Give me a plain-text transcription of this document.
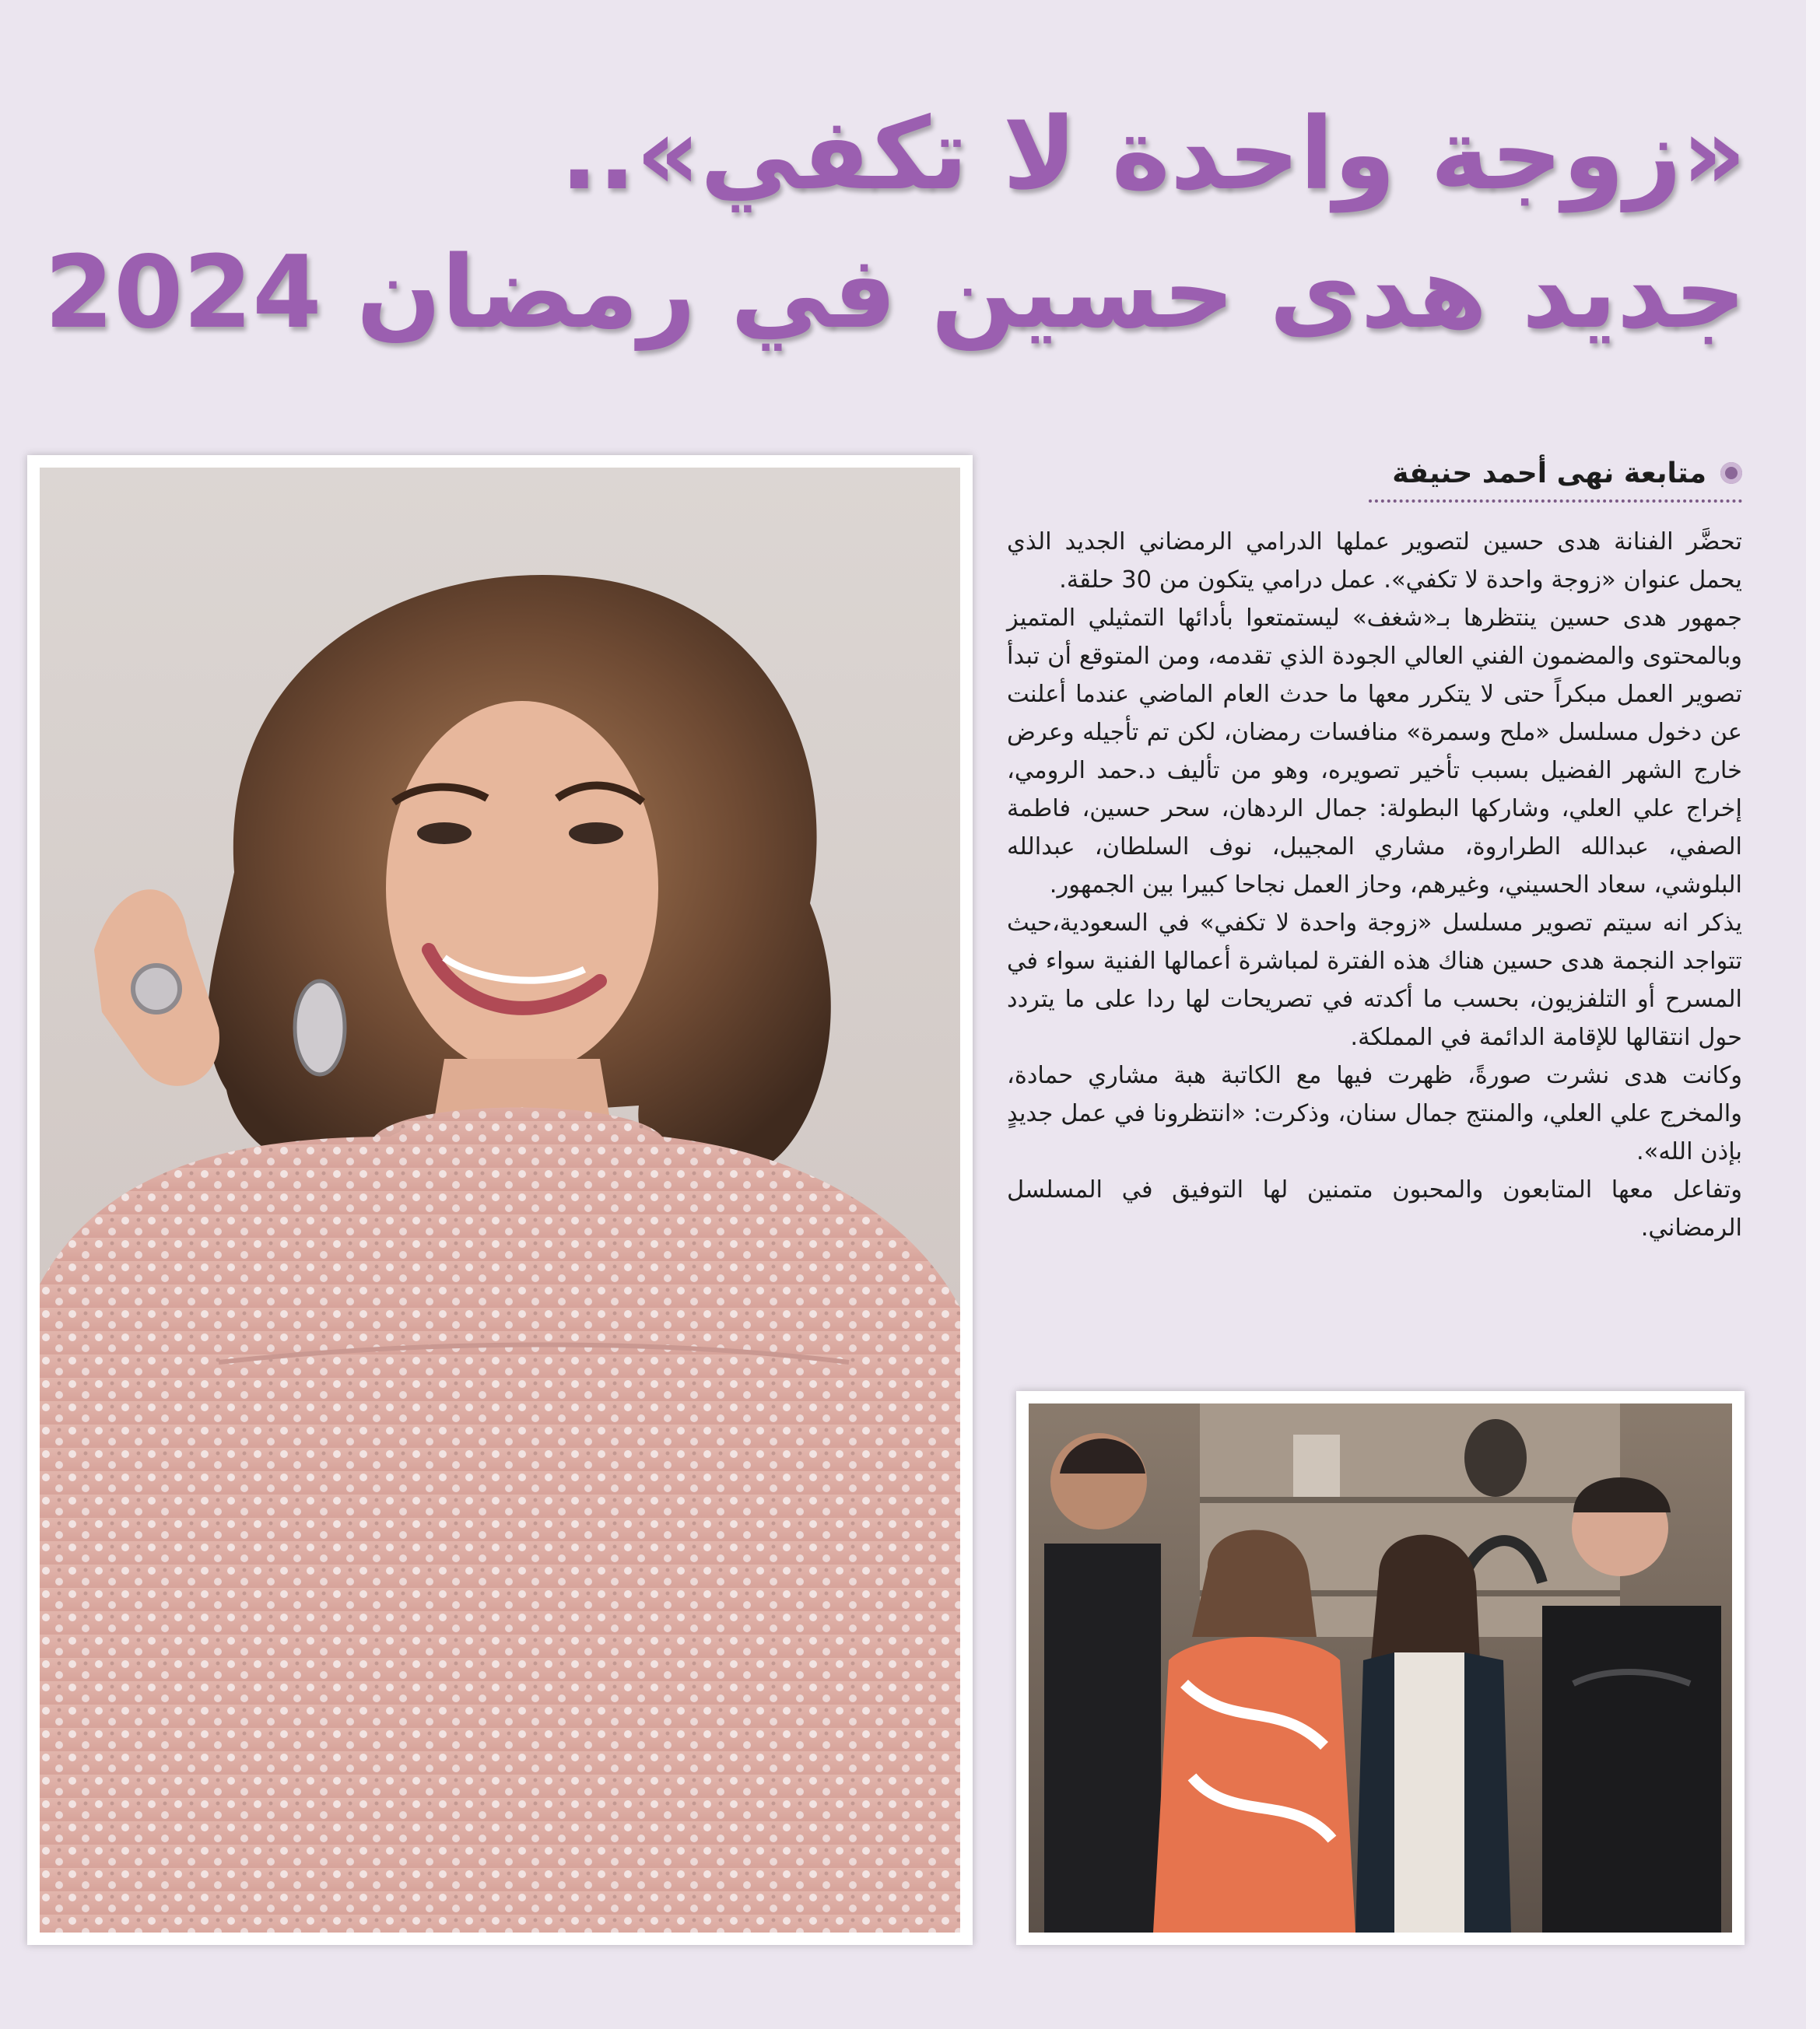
«زوجة واحدة لا تكفي»..
جديد هدى حسين في رمضان 2024
متابعة نهى أحمد حنيفة

تحضَّر الفنانة هدى حسين لتصوير عملها الدرامي الرمضاني الجديد الذي يحمل عنوان «زوجة واحدة لا تكفي». عمل درامي يتكون من 30 حلقة.

جمهور هدى حسين ينتظرها بـ«شغف» ليستمتعوا بأدائها التمثيلي المتميز وبالمحتوى والمضمون الفني العالي الجودة الذي تقدمه، ومن المتوقع أن تبدأ تصوير العمل مبكراً حتى لا يتكرر معها ما حدث العام الماضي عندما أعلنت عن دخول مسلسل «ملح وسمرة» منافسات رمضان، لكن تم تأجيله وعرض خارج الشهر الفضيل بسبب تأخير تصويره، وهو من تأليف د.حمد الرومي، إخراج علي العلي، وشاركها البطولة: جمال الردهان، سحر حسين، فاطمة الصفي، عبدالله الطراروة، مشاري المجيبل، نوف السلطان، عبدالله البلوشي، سعاد الحسيني، وغيرهم، وحاز العمل نجاحا كبيرا بين الجمهور.

يذكر انه سيتم تصوير مسلسل «زوجة واحدة لا تكفي» في السعودية،حيث تتواجد النجمة هدى حسين هناك هذه الفترة لمباشرة أعمالها الفنية سواء في المسرح أو التلفزيون، بحسب ما أكدته في تصريحات لها ردا على ما يتردد حول انتقالها للإقامة الدائمة في المملكة.

وكانت هدى نشرت صورةً، ظهرت فيها مع الكاتبة هبة مشاري حمادة، والمخرج علي العلي، والمنتج جمال سنان، وذكرت: «انتظرونا في عمل جديدٍ بإذن الله».

وتفاعل معها المتابعون والمحبون متمنين لها التوفيق في المسلسل الرمضاني.
